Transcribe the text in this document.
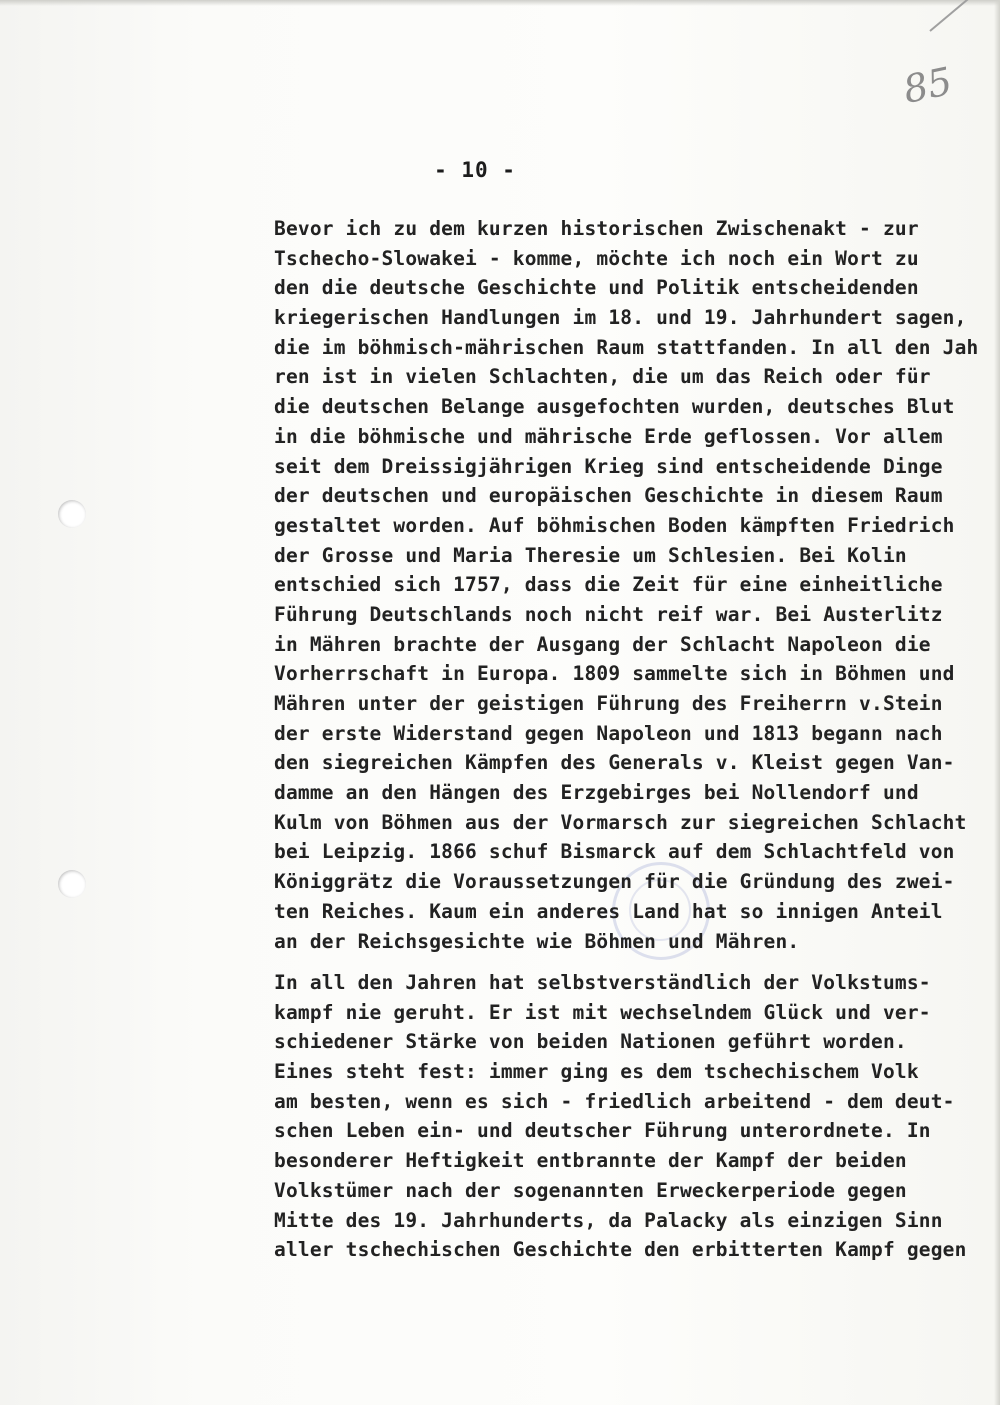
85
- 10 -
Bevor ich zu dem kurzen historischen Zwischenakt - zur
Tschecho-Slowakei - komme, möchte ich noch ein Wort zu
den die deutsche Geschichte und Politik entscheidenden
kriegerischen Handlungen im 18. und 19. Jahrhundert sagen,
die im böhmisch-mährischen Raum stattfanden. In all den Jah
ren ist in vielen Schlachten, die um das Reich oder für
die deutschen Belange ausgefochten wurden, deutsches Blut
in die böhmische und mährische Erde geflossen. Vor allem
seit dem Dreissigjährigen Krieg sind entscheidende Dinge
der deutschen und europäischen Geschichte in diesem Raum
gestaltet worden. Auf böhmischen Boden kämpften Friedrich
der Grosse und Maria Theresie um Schlesien. Bei Kolin
entschied sich 1757, dass die Zeit für eine einheitliche
Führung Deutschlands noch nicht reif war. Bei Austerlitz
in Mähren brachte der Ausgang der Schlacht Napoleon die
Vorherrschaft in Europa. 1809 sammelte sich in Böhmen und
Mähren unter der geistigen Führung des Freiherrn v.Stein
der erste Widerstand gegen Napoleon und 1813 begann nach
den siegreichen Kämpfen des Generals v. Kleist gegen Van-
damme an den Hängen des Erzgebirges bei Nollendorf und
Kulm von Böhmen aus der Vormarsch zur siegreichen Schlacht
bei Leipzig. 1866 schuf Bismarck auf dem Schlachtfeld von
Königgrätz die Voraussetzungen für die Gründung des zwei-
ten Reiches. Kaum ein anderes Land hat so innigen Anteil
an der Reichsgesichte wie Böhmen und Mähren.
In all den Jahren hat selbstverständlich der Volkstums-
kampf nie geruht. Er ist mit wechselndem Glück und ver-
schiedener Stärke von beiden Nationen geführt worden.
Eines steht fest: immer ging es dem tschechischem Volk
am besten, wenn es sich - friedlich arbeitend - dem deut-
schen Leben ein- und deutscher Führung unterordnete. In
besonderer Heftigkeit entbrannte der Kampf der beiden
Volkstümer nach der sogenannten Erweckerperiode gegen
Mitte des 19. Jahrhunderts, da Palacky als einzigen Sinn
aller tschechischen Geschichte den erbitterten Kampf gegen
